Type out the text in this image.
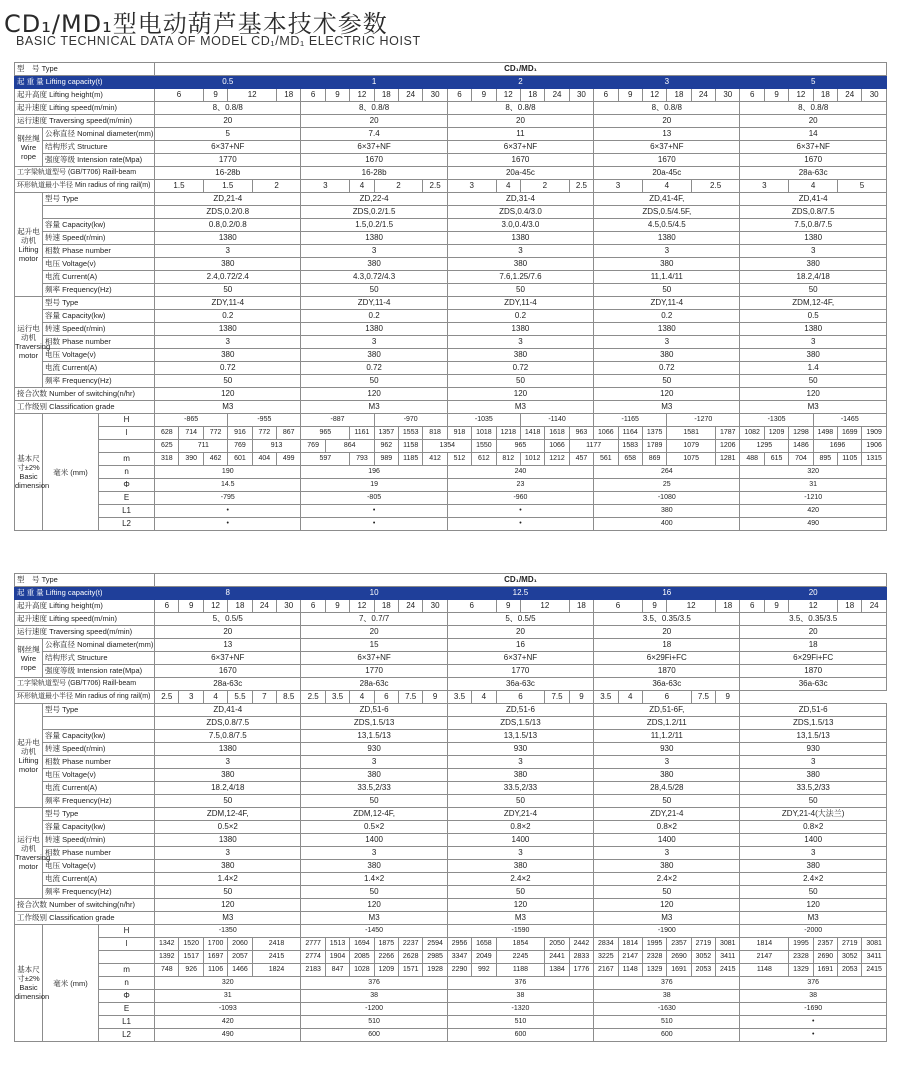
CD₁/MD₁型电动葫芦基本技术参数
BASIC TECHNICAL DATA OF MODEL CD₁/MD₁ ELECTRIC HOIST
型　号 Type			CD₁/MD₁																													
起 重 量 Lifting capacity(t)			0.5						1						2						3						5					
起升高度 Lifting height(m)			6		9	12		18	6	9	12	18	24	30	6	9	12	18	24	30	6	9	12	18	24	30	6	9	12	18	24	30
起升速度 Lifting speed(m/min)			8、0.8/8						8、0.8/8						8、0.8/8						8、0.8/8						8、0.8/8					
运行速度 Traversing speed(m/min)			20						20						20						20						20					
钢丝绳 Wire rope	公称直径 Nominal diameter(mm)		5						7.4						11						13						14					
	结构形式 Structure		6×37+NF						6×37+NF						6×37+NF						6×37+NF						6×37+NF					
	强度等级 Intension rate(Mpa)		1770						1670						1670						1670						1670					
工字梁轨道型号 (GB/T706) Raill-beam			16-28b						16-28b						20a-45c						20a-45c						28a-63c					
环形轨道最小半径 Min radius of ring rail(m)			1.5		1.5		2		3		4	2		2.5	3		4	2		2.5	3		4		2.5		3		4		5	
起升电动机 Lifting motor	型号 Type		ZD,21-4						ZD,22-4						ZD,31-4						ZD,41-4F,						ZD,41-4					
			ZDS,0.2/0.8						ZDS,0.2/1.5						ZDS,0.4/3.0						ZDS,0.5/4.5F,						ZDS,0.8/7.5					
	容量 Capacity(kw)		0.8,0.2/0.8						1.5,0.2/1.5						3.0,0.4/3.0						4.5,0.5/4.5						7.5,0.8/7.5					
	转速 Speed(r/min)		1380						1380						1380						1380						1380					
	相数 Phase number		3						3						3						3						3					
	电压 Voltage(v)		380						380						380						380						380					
	电流 Current(A)		2.4,0.72/2.4						4.3,0.72/4.3						7.6,1.25/7.6						11,1.4/11						18.2,4/18					
	频率 Frequency(Hz)		50						50						50						50						50					
运行电动机 Traversing motor	型号 Type		ZDY,11-4						ZDY,11-4						ZDY,11-4						ZDY,11-4						ZDM,12-4F,					
	容量 Capacity(kw)		0.2						0.2						0.2						0.2						0.5					
	转速 Speed(r/min)		1380						1380						1380						1380						1380					
	相数 Phase number		3						3						3						3						3					
	电压 Voltage(v)		380						380						380						380						380					
	电流 Current(A)		0.72						0.72						0.72						0.72						1.4					
	频率 Frequency(Hz)		50						50						50						50						50					
接合次数 Number of switching(n/hr)			120						120						120						120						120					
工作级别 Classification grade			M3						M3						M3						M3						M3					
基本尺寸±2% Basic dimension	毫米 (mm)	H	-865			-955			-887			-970			-1035			-1140			-1165			-1270			-1305			-1465		
		l	628	714	772	916	772	867	965		1161	1357	1553	818	918	1018	1218	1418	1618	963	1066	1164	1375	1581		1787	1082	1209	1298	1498	1699	1909
			625	711		769	913		769	864		962	1158	1354		1550	965		1066	1177		1583	1789	1079		1206	1295		1486	1696		1906
		m	318	390	462	601	404	499	597		793	989	1185	412	512	612	812	1012	1212	457	561	658	869	1075		1281	488	615	704	895	1105	1315
		n	190						196						240						264						320					
		Φ	14.5						19						23						25						31					
		E	-795						-805						-960						-1080						-1210					
		L1	•						•						•						380						420					
		L2	•						•						•						400						490					
型　号 Type			CD₁/MD₁																													
起 重 量 Lifting capacity(t)			8						10						12.5						16						20					
起升高度 Lifting height(m)			6	9	12	18	24	30	6	9	12	18	24	30	6		9	12		18	6		9	12		18	6	9	12		18	24
起升速度 Lifting speed(m/min)			5、0.5/5						7、0.7/7						5、0.5/5						3.5、0.35/3.5						3.5、0.35/3.5					
运行速度 Traversing speed(m/min)			20						20						20						20						20					
钢丝绳 Wire rope	公称直径 Nominal diameter(mm)		13						15						16						18						18					
	结构形式 Structure		6×37+NF						6×37+NF						6×37+NF						6×29Fi+FC						6×29Fi+FC					
	强度等级 Intension rate(Mpa)		1670						1770						1770						1870						1870					
工字梁轨道型号 (GB/T706) Raill-beam			28a-63c						28a-63c						36a-63c						36a-63c						36a-63c					
环形轨道最小半径 Min radius of ring rail(m)			2.5	3	4	5.5	7	8.5	2.5	3.5	4	6	7.5	9	3.5	4	6		7.5	9	3.5	4	6		7.5	9						
起升电动机 Lifting motor	型号 Type		ZD,41-4						ZD,51-6						ZD,51-6						ZD,51-6F,						ZD,51-6					
			ZDS,0.8/7.5						ZDS,1.5/13						ZDS,1.5/13						ZDS,1.2/11						ZDS,1.5/13					
	容量 Capacity(kw)		7.5,0.8/7.5						13,1.5/13						13,1.5/13						11,1.2/11						13,1.5/13					
	转速 Speed(r/min)		1380						930						930						930						930					
	相数 Phase number		3						3						3						3						3					
	电压 Voltage(v)		380						380						380						380						380					
	电流 Current(A)		18.2,4/18						33.5,2/33						33.5,2/33						28,4.5/28						33.5,2/33					
	频率 Frequency(Hz)		50						50						50						50						50					
运行电动机 Traversing motor	型号 Type		ZDM,12-4F,						ZDM,12-4F,						ZDY,21-4						ZDY,21-4						ZDY,21-4(大法兰)					
	容量 Capacity(kw)		0.5×2						0.5×2						0.8×2						0.8×2						0.8×2					
	转速 Speed(r/min)		1380						1400						1400						1400						1400					
	相数 Phase number		3						3						3						3						3					
	电压 Voltage(v)		380						380						380						380						380					
	电流 Current(A)		1.4×2						1.4×2						2.4×2						2.4×2						2.4×2					
	频率 Frequency(Hz)		50						50						50						50						50					
接合次数 Number of switching(n/hr)			120						120						120						120						120					
工作级别 Classification grade			M3						M3						M3						M3						M3					
基本尺寸±2% Basic dimension	毫米 (mm)	H	-1350						-1450						-1590						-1900						-2000					
		l	1342	1520	1700	2060	2418		2777	1513	1694	1875	2237	2594	2956	1658	1854		2050	2442	2834	1814	1995	2357	2719	3081	1814		1995	2357	2719	3081
			1392	1517	1697	2057	2415		2774	1904	2085	2266	2628	2985	3347	2049	2245		2441	2833	3225	2147	2328	2690	3052	3411	2147		2328	2690	3052	3411
		m	748	926	1106	1466	1824		2183	847	1028	1209	1571	1928	2290	992	1188		1384	1776	2167	1148	1329	1691	2053	2415	1148		1329	1691	2053	2415
		n	320						376						376						376						376					
		Φ	31						38						38						38						38					
		E	-1093						-1200						-1320						-1630						-1690					
		L1	420						510						510						510						•					
		L2	490						600						600						600						•					
